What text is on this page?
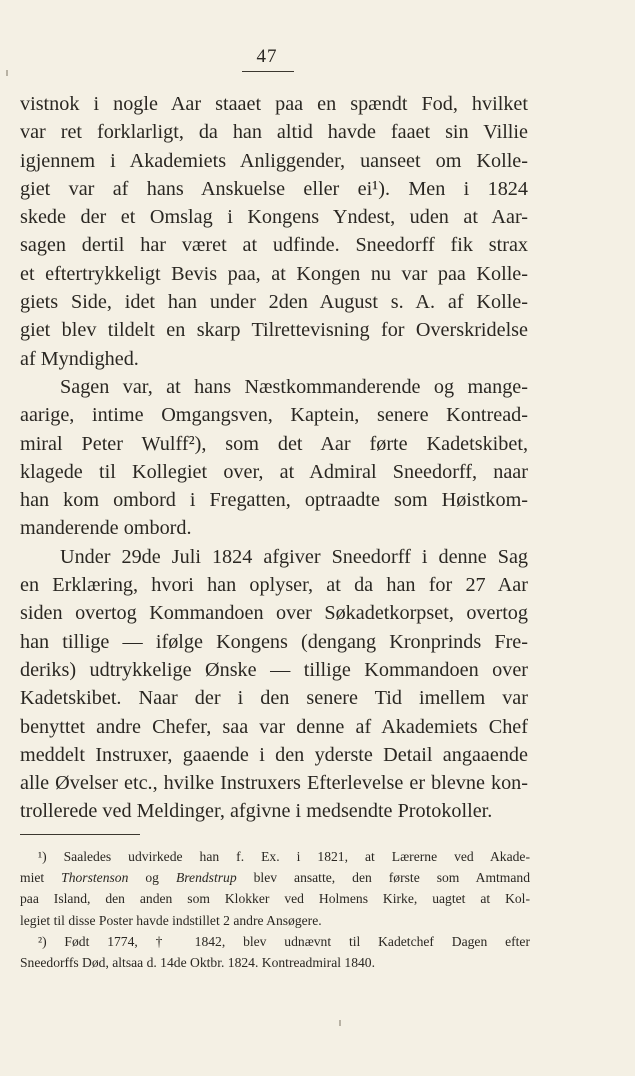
47
vistnok i nogle Aar staaet paa en spændt Fod, hvilket
var ret forklarligt, da han altid havde faaet sin Villie
igjennem i Akademiets Anliggender, uanseet om Kolle-
giet var af hans Anskuelse eller ei¹). Men i 1824
skede der et Omslag i Kongens Yndest, uden at Aar-
sagen dertil har været at udfinde. Sneedorff fik strax
et eftertrykkeligt Bevis paa, at Kongen nu var paa Kolle-
giets Side, idet han under 2den August s. A. af Kolle-
giet blev tildelt en skarp Tilrettevisning for Overskridelse
af Myndighed.
Sagen var, at hans Næstkommanderende og mange-
aarige, intime Omgangsven, Kaptein, senere Kontread-
miral Peter Wulff²), som det Aar førte Kadetskibet,
klagede til Kollegiet over, at Admiral Sneedorff, naar
han kom ombord i Fregatten, optraadte som Høistkom-
manderende ombord.
Under 29de Juli 1824 afgiver Sneedorff i denne Sag
en Erklæring, hvori han oplyser, at da han for 27 Aar
siden overtog Kommandoen over Søkadetkorpset, overtog
han tillige — ifølge Kongens (dengang Kronprinds Fre-
deriks) udtrykkelige Ønske — tillige Kommandoen over
Kadetskibet. Naar der i den senere Tid imellem var
benyttet andre Chefer, saa var denne af Akademiets Chef
meddelt Instruxer, gaaende i den yderste Detail angaaende
alle Øvelser etc., hvilke Instruxers Efterlevelse er blevne kon-
trollerede ved Meldinger, afgivne i medsendte Protokoller.
¹) Saaledes udvirkede han f. Ex. i 1821, at Lærerne ved Akade-
miet Thorstenson og Brendstrup blev ansatte, den første som Amtmand
paa Island, den anden som Klokker ved Holmens Kirke, uagtet at Kol-
legiet til disse Poster havde indstillet 2 andre Ansøgere.
²) Født 1774, † 1842, blev udnævnt til Kadetchef Dagen efter
Sneedorffs Død, altsaa d. 14de Oktbr. 1824. Kontreadmiral 1840.
